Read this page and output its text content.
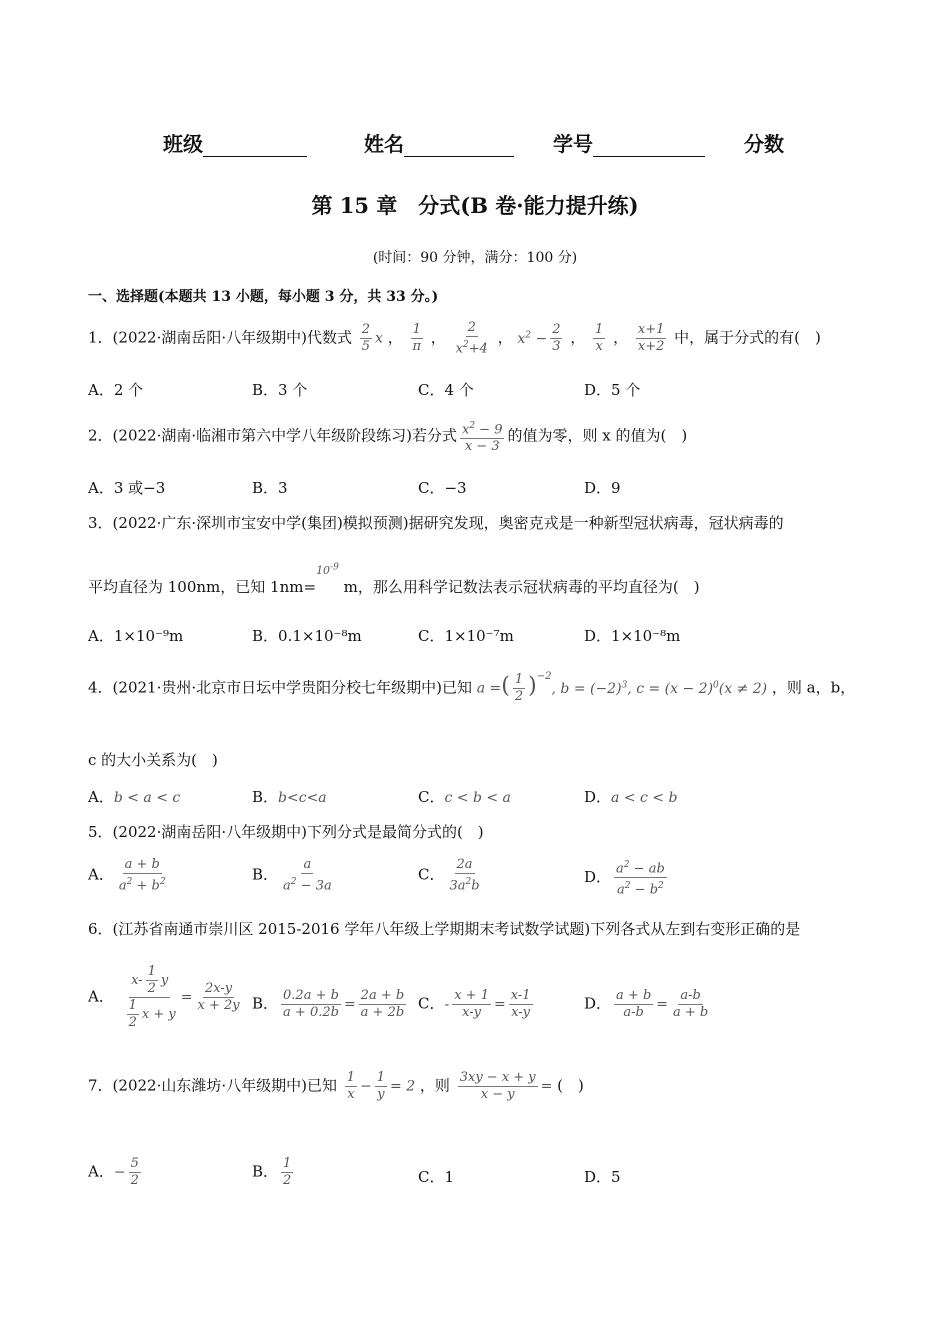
班级	姓名	学号	分数
第 15 章　分式(B 卷·能力提升练)
(时间：90 分钟，满分：100 分)
一、选择题(本题共 13 小题，每小题 3 分，共 33 分。)
1．(2022·湖南岳阳·八年级期中)代数式 $\frac{2}{5}$ x ， $\frac{1}{\pi}$ ， $\frac{2}{x^2+4}$ ， $x^2 - \frac{2}{3}$ ， $\frac{1}{x}$ ， $\frac{x+1}{x+2}$ 中，属于分式的有(　)
A．2 个	B．3 个	C．4 个	D．5 个
2．(2022·湖南·临湘市第六中学八年级阶段练习)若分式 $\frac{x^2 - 9}{x - 3}$ 的值为零，则 x 的值为(　)
A．3 或−3	B．3	C．−3	D．9
3．(2022·广东·深圳市宝安中学(集团)模拟预测)据研究发现，奥密克戎是一种新型冠状病毒，冠状病毒的
平均直径为 100nm，已知 1nm=$^{10^{-9}}$ m，那么用科学记数法表示冠状病毒的平均直径为(　)
A．1×10⁻⁹m	B．0.1×10⁻⁸m	C．1×10⁻⁷m	D．1×10⁻⁸m
4．(2021·贵州·北京市日坛中学贵阳分校七年级期中)已知 a =( $\frac{1}{2} )^{-2}$, $b = (-2)^3$, $c = (x - 2)^0(x \ne 2)$ ，则 a，b，
c 的大小关系为(　)
A．b < a < c	B．b<c<a	C．c < b < a	D．a < c < b
5．(2022·湖南岳阳·八年级期中)下列分式是最简分式的(　)
A． $\frac{a + b}{a^2 + b^2}$	B． $\frac{a}{a^2 - 3a}$	C． $\frac{2a}{3a^2b}$	D． $\frac{a^2 - ab}{a^2 - b^2}$
6．(江苏省南通市崇川区 2015-2016 学年八年级上学期期末考试数学试题)下列各式从左到右变形正确的是
A． $\frac{x- \frac{1}{2} y}{\frac{1}{2} x + y} = \frac{2x-y}{x + 2y}$ B． $\frac{0.2a + b}{a + 0.2b} = \frac{2a + b}{a + 2b}$ C．- $\frac{x + 1}{x-y} = \frac{x-1}{x-y}$	D． $\frac{a + b}{a-b} = \frac{a-b}{a + b}$
7．(2022·山东潍坊·八年级期中)已知 $\frac{1}{x} - \frac{1}{y} = 2$ ，则 $\frac{3xy - x + y}{x - y}$ = (　)
A．− $\frac{5}{2}$	B． $\frac{1}{2}$	C．1	D．5
